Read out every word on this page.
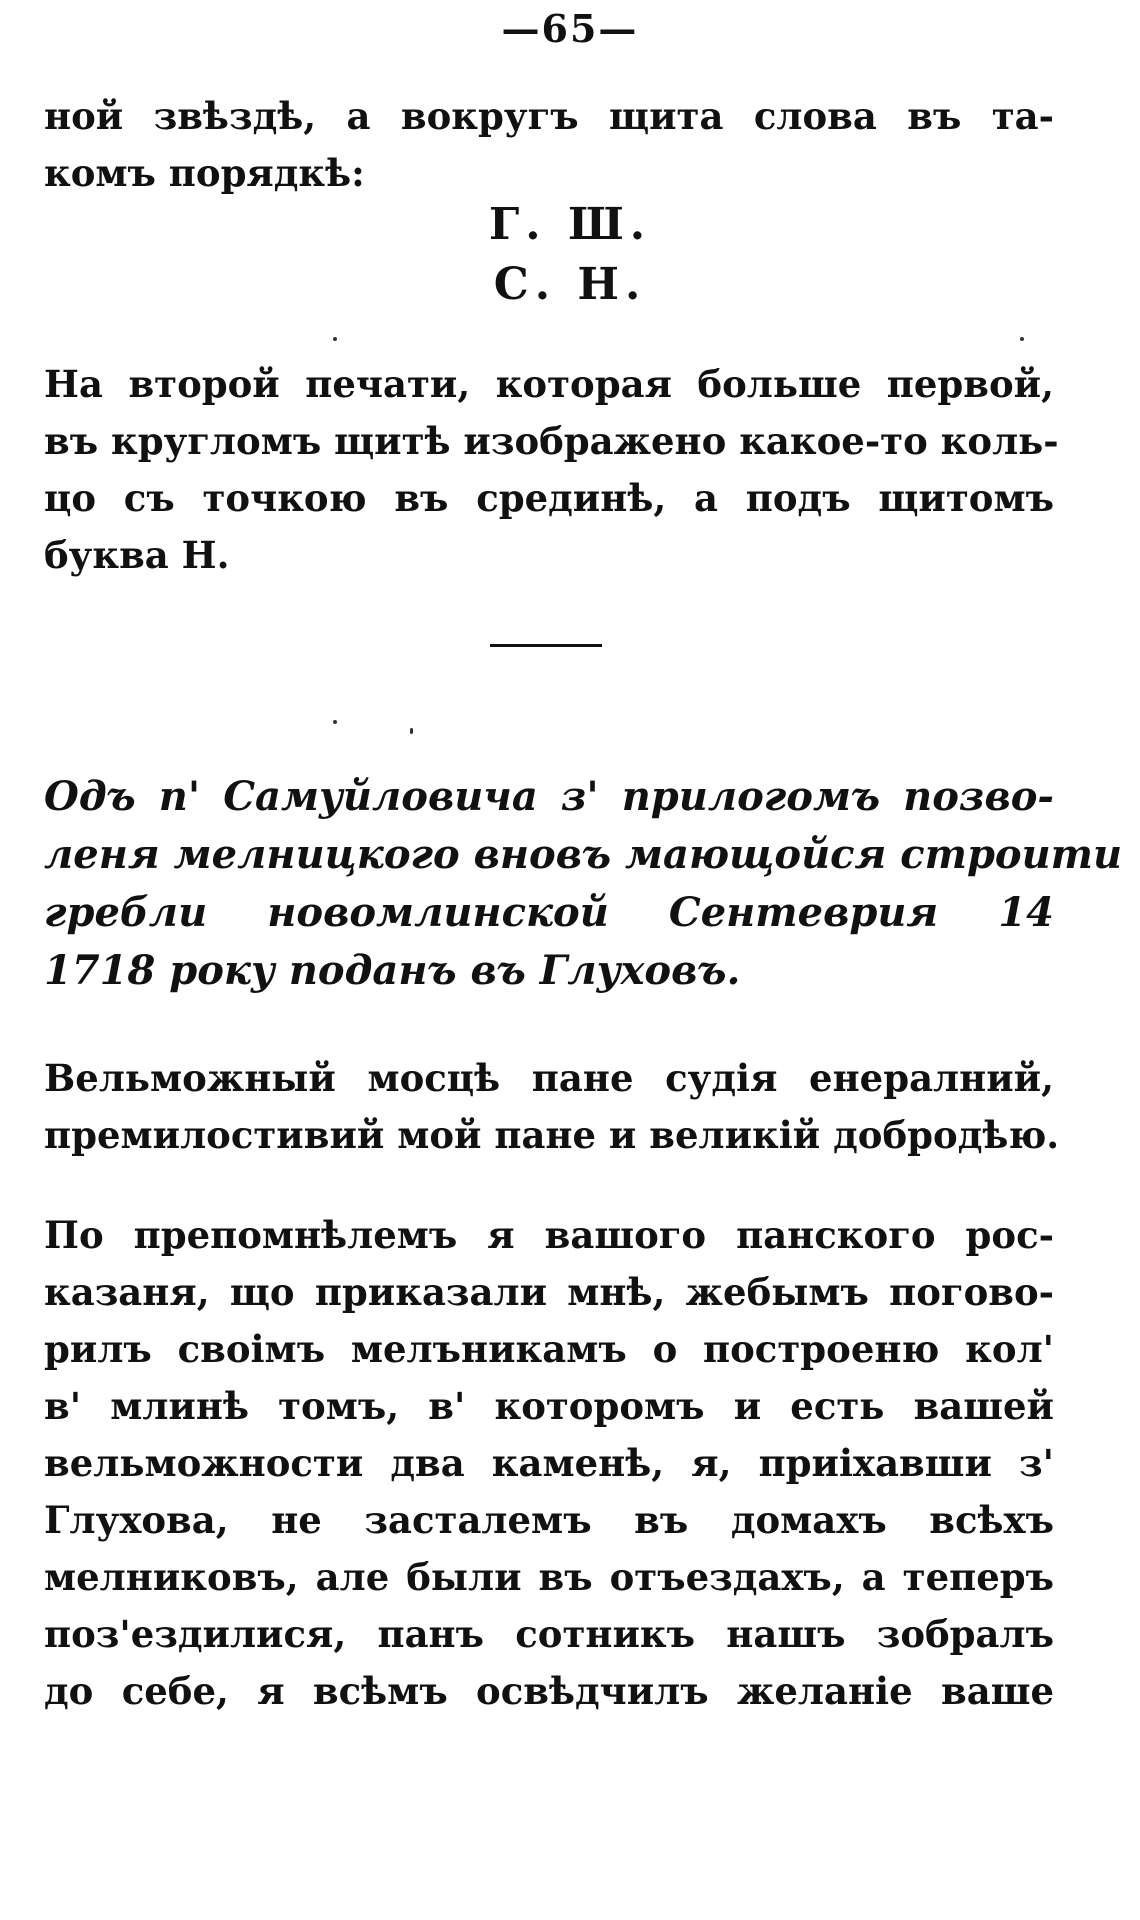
—65—
ной звѣздѣ, а вокругъ щита слова въ та-
комъ порядкѣ:
Г. Ш.
С. Н.
На второй печати, которая больше первой,
въ кругломъ щитѣ изображено какое-то коль-
цо съ точкою въ срединѣ, а подъ щитомъ
буква Н.
Одъ п' Самуйловича з' прилогомъ позво-
леня мелницкого вновъ мающойся строити
гребли новомлинской Сентеврия 14
1718 року поданъ въ Глуховъ.
Вельможный мосцѣ пане судія енералний,
премилостивий мой пане и великій добродѣю.
По препомнѣлемъ я вашого панского рос-
казаня, що приказали мнѣ, жебымъ погово-
рилъ своімъ мелъникамъ о построеню кол'
в' млинѣ томъ, в' которомъ и есть вашей
вельможности два каменѣ, я, приіхавши з'
Глухова, не засталемъ въ домахъ всѣхъ
мелниковъ, але были въ отъездахъ, а теперъ
поз'ездилися, панъ сотникъ нашъ зобралъ
до себе, я всѣмъ освѣдчилъ желаніе ваше
